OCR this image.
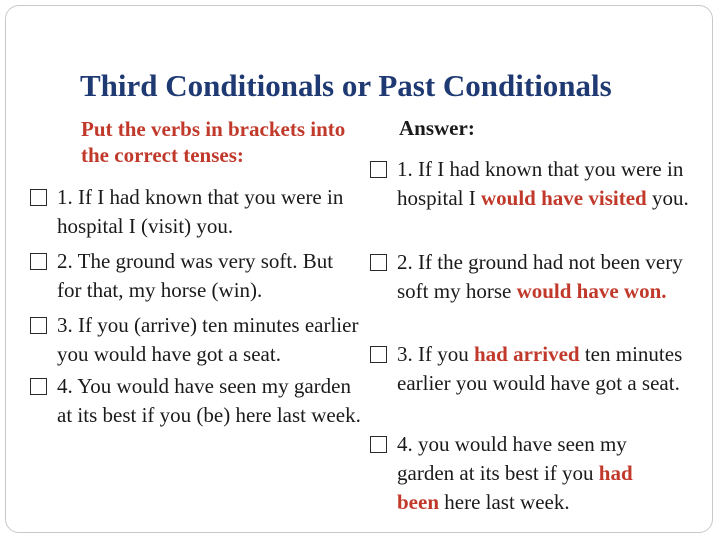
Third Conditionals or Past Conditionals
Put the verbs in brackets into the correct tenses:
1. If I had known that you were in hospital I (visit) you.
2. The ground was very soft. But for that, my horse (win).
3. If you (arrive) ten minutes earlier you would have got a seat.
4. You would have seen my garden at its best if you (be) here last week.
Answer:
1. If I had known that you were in hospital I would have visited you.
2. If the ground had not been very soft my horse would have won.
3. If you had arrived ten minutes earlier you would have got a seat.
4. you would have seen my garden at its best if you had been here last week.
